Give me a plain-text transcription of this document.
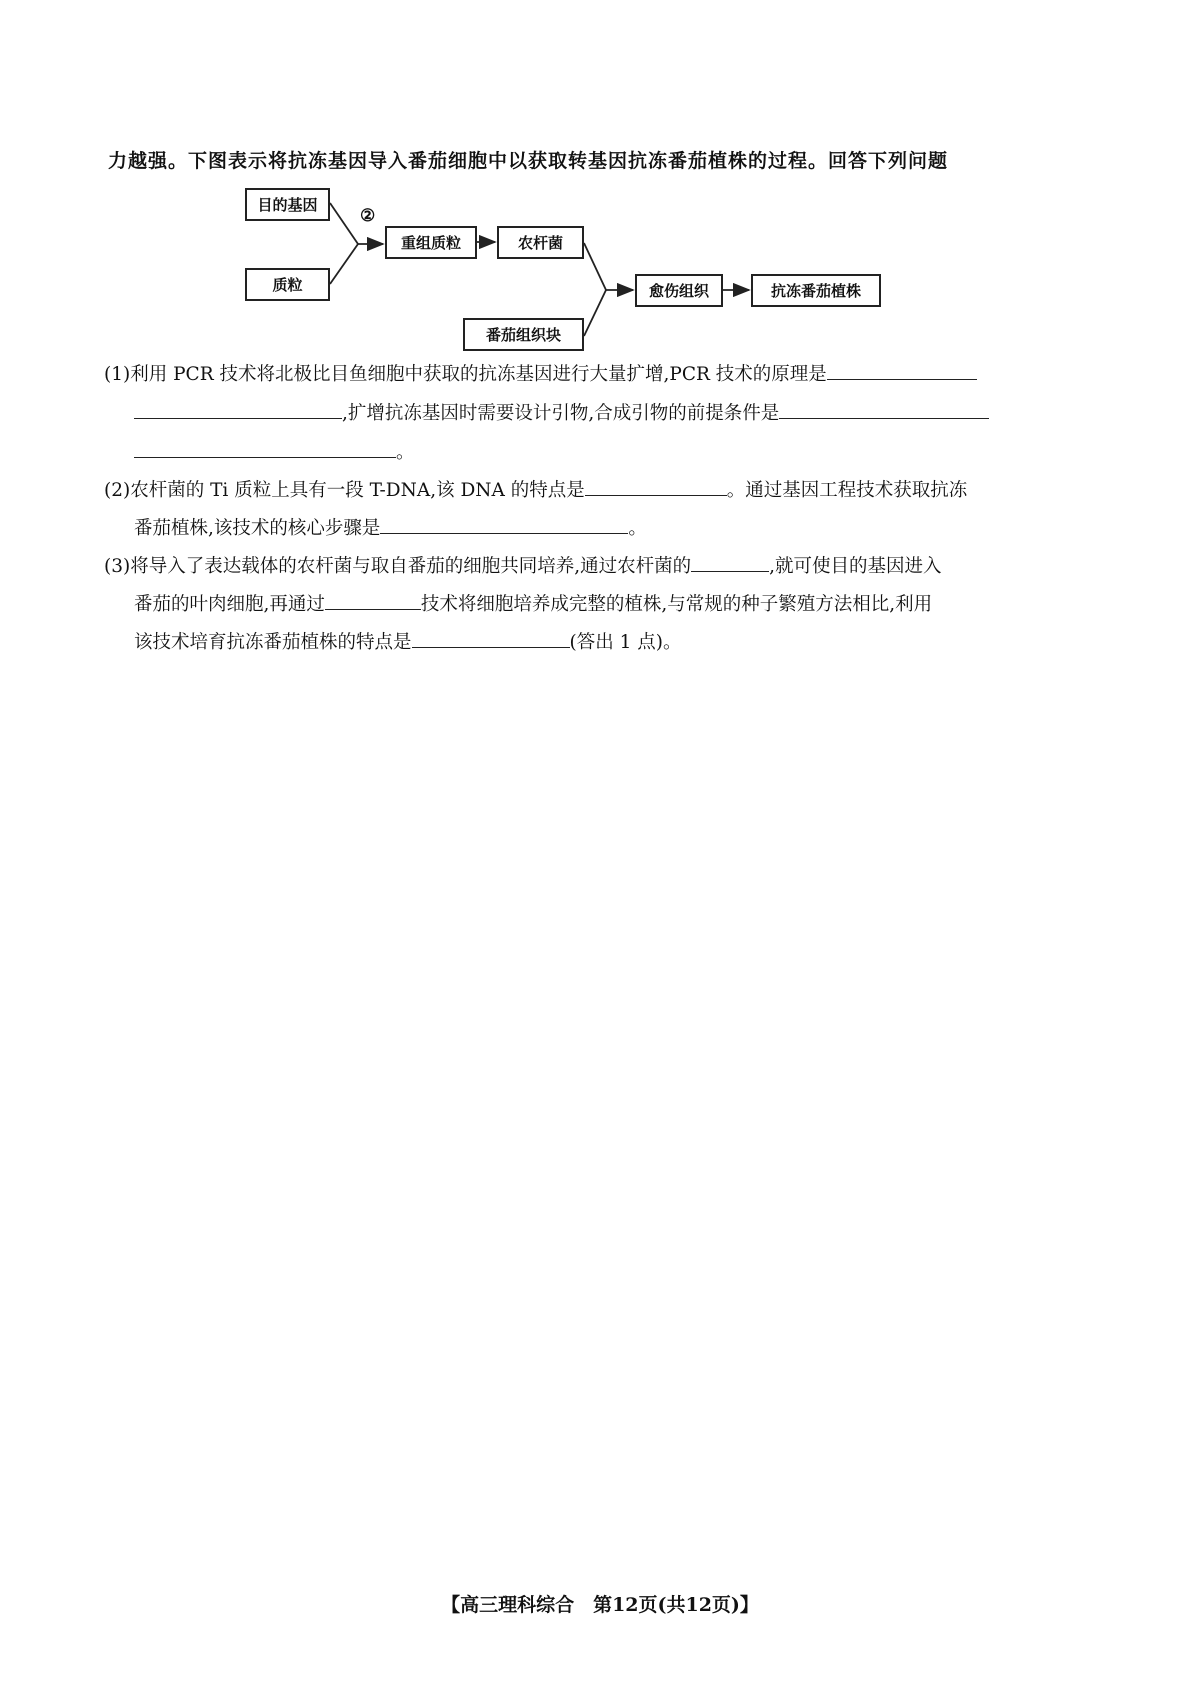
力越强。下图表示将抗冻基因导入番茄细胞中以获取转基因抗冻番茄植株的过程。回答下列问题
目的基因
质粒
②
重组质粒	农杆菌
番茄组织块
愈伤组织	抗冻番茄植株
(1)利用 PCR 技术将北极比目鱼细胞中获取的抗冻基因进行大量扩增,PCR 技术的原理是
,扩增抗冻基因时需要设计引物,合成引物的前提条件是
。
(2)农杆菌的 Ti 质粒上具有一段 T-DNA,该 DNA 的特点是	。通过基因工程技术获取抗冻
番茄植株,该技术的核心步骤是	。
(3)将导入了表达载体的农杆菌与取自番茄的细胞共同培养,通过农杆菌的	,就可使目的基因进入
番茄的叶肉细胞,再通过	技术将细胞培养成完整的植株,与常规的种子繁殖方法相比,利用
该技术培育抗冻番茄植株的特点是	(答出 1 点)。
【高三理科综合　第12页(共12页)】
